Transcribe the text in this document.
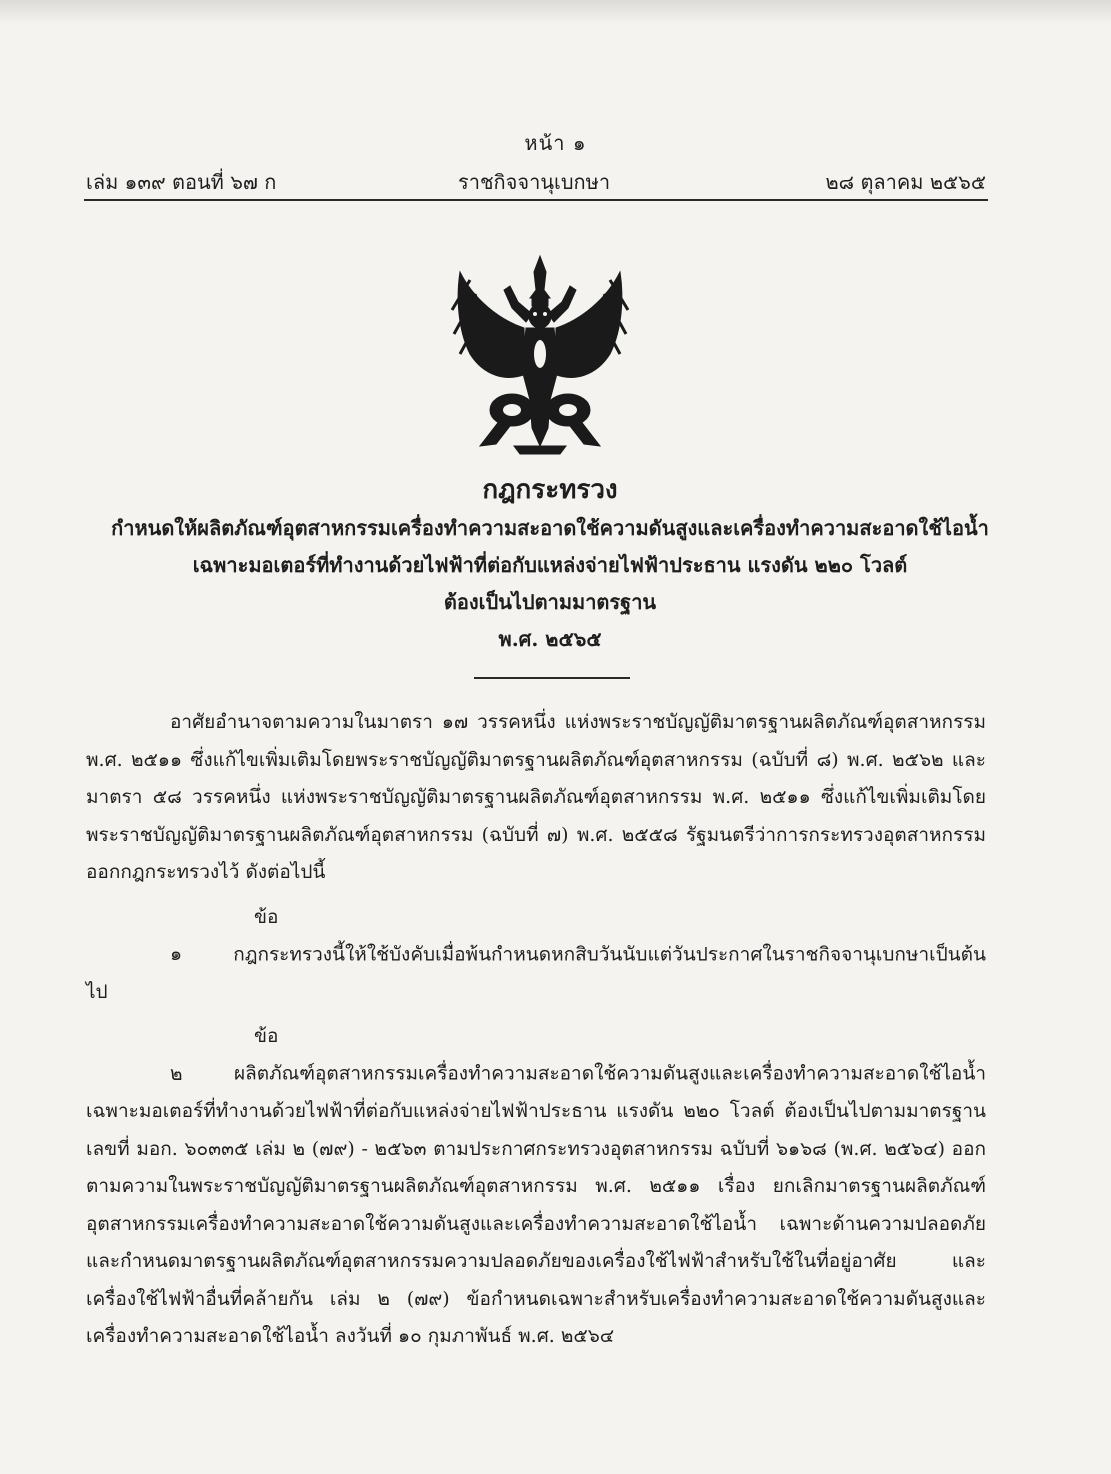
หน้า ๑
เล่ม ๑๓๙ ตอนที่ ๖๗ ก	ราชกิจจานุเบกษา	๒๘ ตุลาคม ๒๕๖๕
กฎกระทรวง
กำหนดให้ผลิตภัณฑ์อุตสาหกรรมเครื่องทำความสะอาดใช้ความดันสูงและเครื่องทำความสะอาดใช้ไอน้ำ
เฉพาะมอเตอร์ที่ทำงานด้วยไฟฟ้าที่ต่อกับแหล่งจ่ายไฟฟ้าประธาน แรงดัน ๒๒๐ โวลต์
ต้องเป็นไปตามมาตรฐาน
พ.ศ. ๒๕๖๕

อาศัยอำนาจตามความในมาตรา ๑๗ วรรคหนึ่ง แห่งพระราชบัญญัติมาตรฐานผลิตภัณฑ์อุตสาหกรรม พ.ศ. ๒๕๑๑ ซึ่งแก้ไขเพิ่มเติมโดยพระราชบัญญัติมาตรฐานผลิตภัณฑ์อุตสาหกรรม (ฉบับที่ ๘) พ.ศ. ๒๕๖๒ และมาตรา ๕๘ วรรคหนึ่ง แห่งพระราชบัญญัติมาตรฐานผลิตภัณฑ์อุตสาหกรรม พ.ศ. ๒๕๑๑ ซึ่งแก้ไขเพิ่มเติมโดยพระราชบัญญัติมาตรฐานผลิตภัณฑ์อุตสาหกรรม (ฉบับที่ ๗) พ.ศ. ๒๕๕๘ รัฐมนตรีว่าการกระทรวงอุตสาหกรรมออกกฎกระทรวงไว้ ดังต่อไปนี้

ข้อ ๑	กฎกระทรวงนี้ให้ใช้บังคับเมื่อพ้นกำหนดหกสิบวันนับแต่วันประกาศในราชกิจจานุเบกษาเป็นต้นไป

ข้อ ๒	ผลิตภัณฑ์อุตสาหกรรมเครื่องทำความสะอาดใช้ความดันสูงและเครื่องทำความสะอาดใช้ไอน้ำ เฉพาะมอเตอร์ที่ทำงานด้วยไฟฟ้าที่ต่อกับแหล่งจ่ายไฟฟ้าประธาน แรงดัน ๒๒๐ โวลต์ ต้องเป็นไปตามมาตรฐานเลขที่ มอก. ๖๐๓๓๕ เล่ม ๒ (๗๙) - ๒๕๖๓ ตามประกาศกระทรวงอุตสาหกรรม ฉบับที่ ๖๑๖๘ (พ.ศ. ๒๕๖๔) ออกตามความในพระราชบัญญัติมาตรฐานผลิตภัณฑ์อุตสาหกรรม พ.ศ. ๒๕๑๑ เรื่อง ยกเลิกมาตรฐานผลิตภัณฑ์อุตสาหกรรมเครื่องทำความสะอาดใช้ความดันสูงและเครื่องทำความสะอาดใช้ไอน้ำ เฉพาะด้านความปลอดภัย และกำหนดมาตรฐานผลิตภัณฑ์อุตสาหกรรมความปลอดภัยของเครื่องใช้ไฟฟ้าสำหรับใช้ในที่อยู่อาศัย และเครื่องใช้ไฟฟ้าอื่นที่คล้ายกัน เล่ม ๒ (๗๙) ข้อกำหนดเฉพาะสำหรับเครื่องทำความสะอาดใช้ความดันสูงและเครื่องทำความสะอาดใช้ไอน้ำ ลงวันที่ ๑๐ กุมภาพันธ์ พ.ศ. ๒๕๖๔
